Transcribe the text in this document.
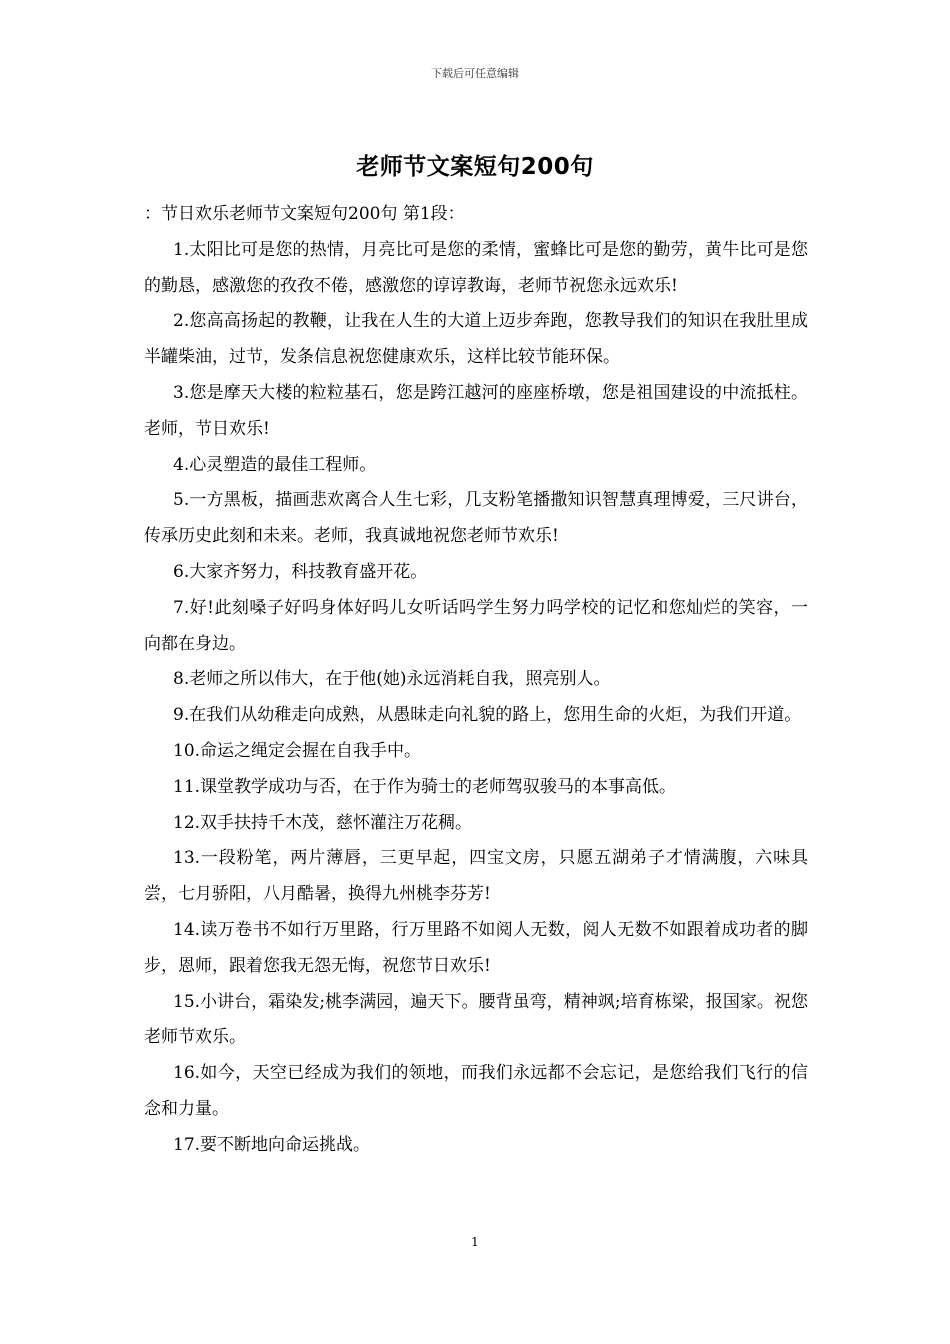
下载后可任意编辑
老师节文案短句200句

：节日欢乐老师节文案短句200句 第1段：

1.太阳比可是您的热情，月亮比可是您的柔情，蜜蜂比可是您的勤劳，黄牛比可是您的勤恳，感激您的孜孜不倦，感激您的谆谆教诲，老师节祝您永远欢乐!

2.您高高扬起的教鞭，让我在人生的大道上迈步奔跑，您教导我们的知识在我肚里成半罐柴油，过节，发条信息祝您健康欢乐，这样比较节能环保。

3.您是摩天大楼的粒粒基石，您是跨江越河的座座桥墩，您是祖国建设的中流抵柱。老师，节日欢乐!

4.心灵塑造的最佳工程师。

5.一方黑板，描画悲欢离合人生七彩，几支粉笔播撒知识智慧真理博爱，三尺讲台，传承历史此刻和未来。老师，我真诚地祝您老师节欢乐!

6.大家齐努力，科技教育盛开花。

7.好!此刻嗓子好吗身体好吗儿女听话吗学生努力吗学校的记忆和您灿烂的笑容，一向都在身边。

8.老师之所以伟大，在于他(她)永远消耗自我，照亮别人。

9.在我们从幼稚走向成熟，从愚昧走向礼貌的路上，您用生命的火炬，为我们开道。

10.命运之绳定会握在自我手中。

11.课堂教学成功与否，在于作为骑士的老师驾驭骏马的本事高低。

12.双手扶持千木茂，慈怀灌注万花稠。

13.一段粉笔，两片薄唇，三更早起，四宝文房，只愿五湖弟子才情满腹，六味具尝，七月骄阳，八月酷暑，换得九州桃李芬芳!

14.读万卷书不如行万里路，行万里路不如阅人无数，阅人无数不如跟着成功者的脚步，恩师，跟着您我无怨无悔，祝您节日欢乐!

15.小讲台，霜染发;桃李满园，遍天下。腰背虽弯，精神飒;培育栋梁，报国家。祝您老师节欢乐。

16.如今，天空已经成为我们的领地，而我们永远都不会忘记，是您给我们飞行的信念和力量。

17.要不断地向命运挑战。

1
